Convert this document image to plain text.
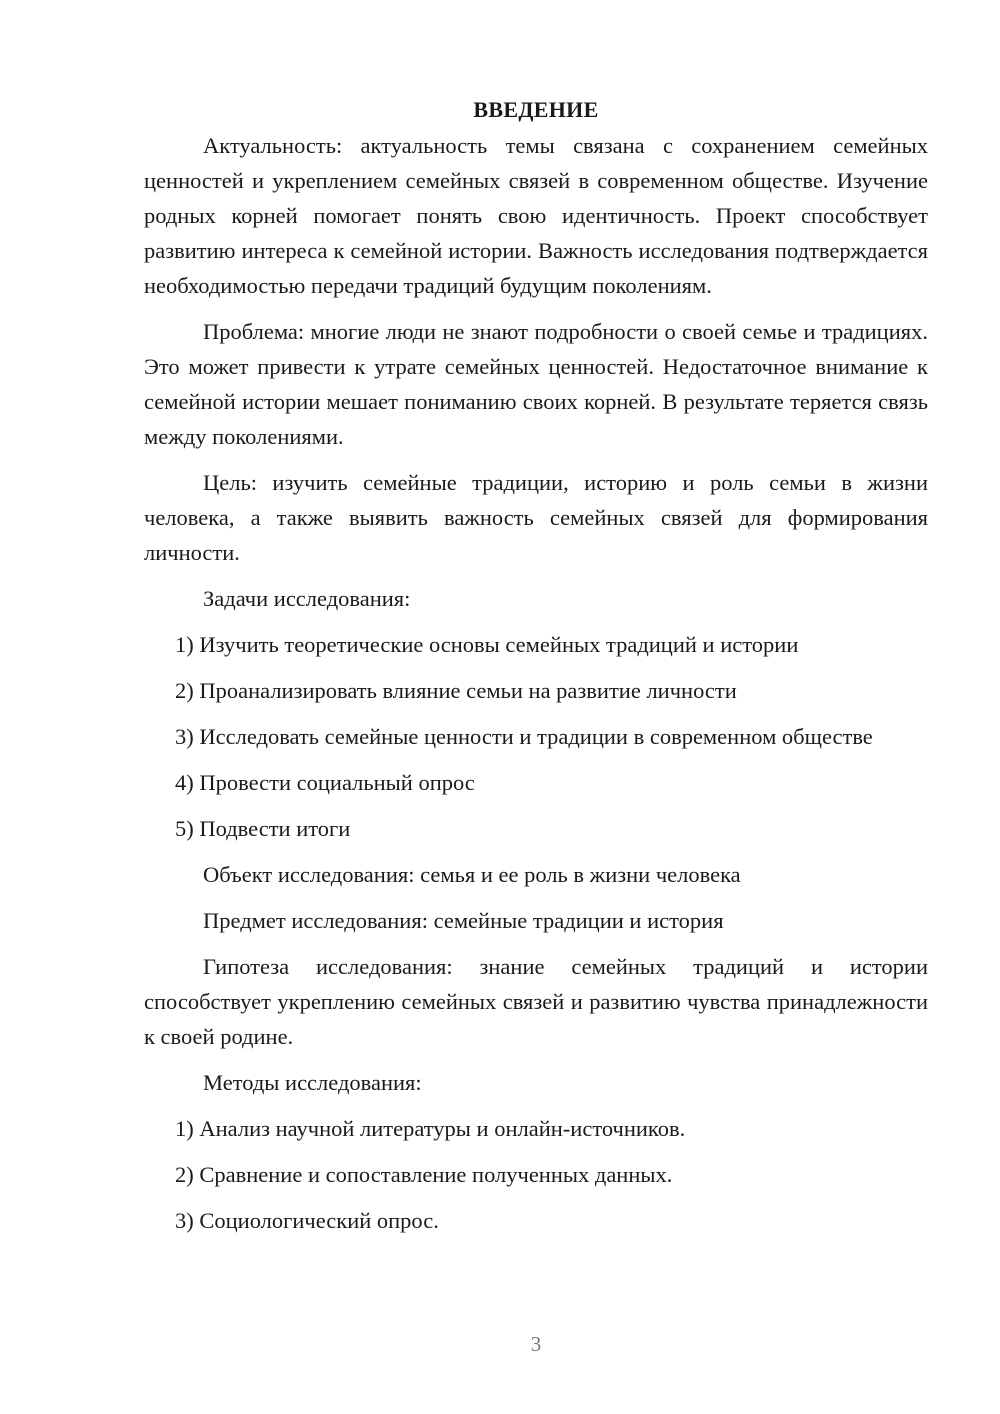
ВВЕДЕНИЕ

Актуальность: актуальность темы связана с сохранением семейных ценностей и укреплением семейных связей в современном обществе. Изучение родных корней помогает понять свою идентичность. Проект способствует развитию интереса к семейной истории. Важность исследования подтверждается необходимостью передачи традиций будущим поколениям.

Проблема: многие люди не знают подробности о своей семье и традициях. Это может привести к утрате семейных ценностей. Недостаточное внимание к семейной истории мешает пониманию своих корней. В результате теряется связь между поколениями.

Цель: изучить семейные традиции, историю и роль семьи в жизни человека, а также выявить важность семейных связей для формирования личности.

Задачи исследования:

1) Изучить теоретические основы семейных традиций и истории

2) Проанализировать влияние семьи на развитие личности

3) Исследовать семейные ценности и традиции в современном обществе

4) Провести социальный опрос

5) Подвести итоги

Объект исследования: семья и ее роль в жизни человека

Предмет исследования: семейные традиции и история

Гипотеза исследования: знание семейных традиций и истории способствует укреплению семейных связей и развитию чувства принадлежности к своей родине.

Методы исследования:

1) Анализ научной литературы и онлайн-источников.

2) Сравнение и сопоставление полученных данных.

3) Социологический опрос.

3
